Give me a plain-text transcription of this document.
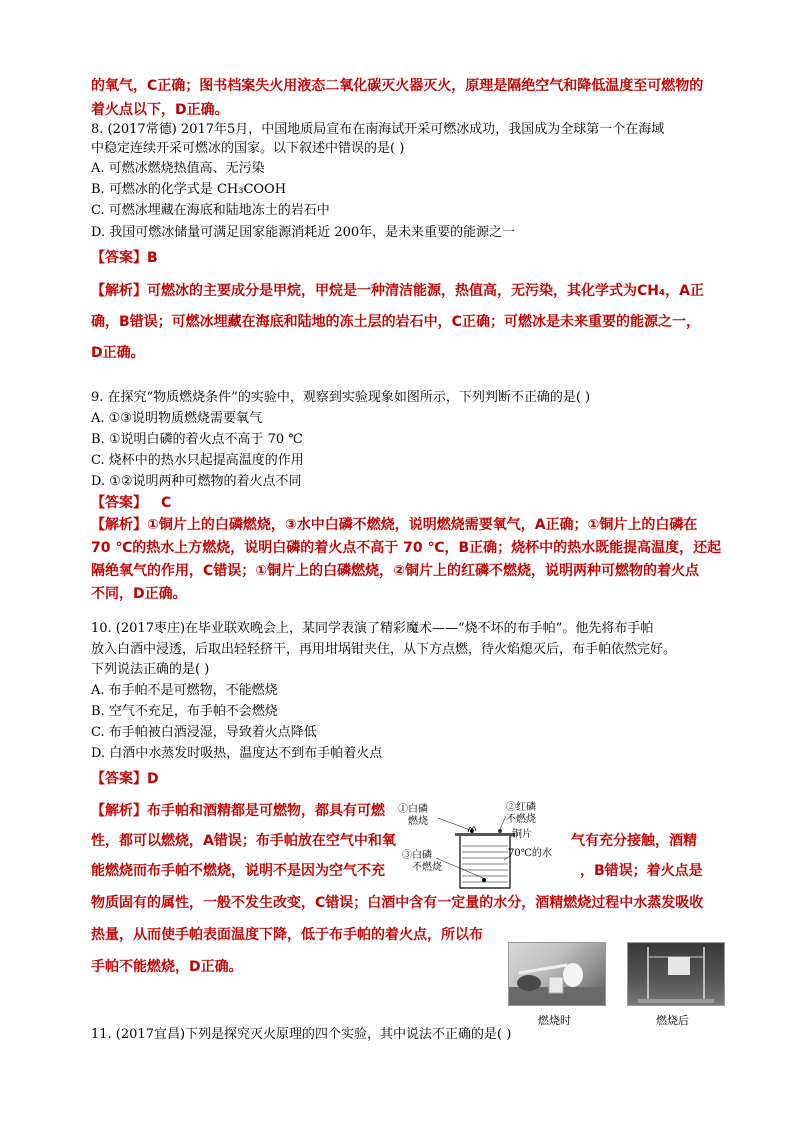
的氧气，C正确；图书档案失火用液态二氧化碳灭火器灭火，原理是隔绝空气和降低温度至可燃物的
着火点以下，D正确。
8. (2017常德) 2017年5月，中国地质局宣布在南海试开采可燃冰成功，我国成为全球第一个在海域
中稳定连续开采可燃冰的国家。以下叙述中错误的是( )
A. 可燃冰燃烧热值高、无污染
B. 可燃冰的化学式是 CH₃COOH
C. 可燃冰埋藏在海底和陆地冻土的岩石中
D. 我国可燃冰储量可满足国家能源消耗近 200年，是未来重要的能源之一
【答案】B
【解析】可燃冰的主要成分是甲烷，甲烷是一种清洁能源，热值高，无污染，其化学式为CH₄，A正
确，B错误；可燃冰埋藏在海底和陆地的冻土层的岩石中，C正确；可燃冰是未来重要的能源之一，
D正确。
9. 在探究“物质燃烧条件”的实验中，观察到实验现象如图所示，下列判断不正确的是( )
A. ①③说明物质燃烧需要氧气
B. ①说明白磷的着火点不高于 70 ℃
C. 烧杯中的热水只起提高温度的作用
D. ①②说明两种可燃物的着火点不同
【答案】 C
【解析】①铜片上的白磷燃烧，③水中白磷不燃烧，说明燃烧需要氧气，A正确；①铜片上的白磷在
70 ℃的热水上方燃烧，说明白磷的着火点不高于 70 ℃，B正确；烧杯中的热水既能提高温度，还起
隔绝氧气的作用，C错误；①铜片上的白磷燃烧，②铜片上的红磷不燃烧，说明两种可燃物的着火点
不同，D正确。
10. (2017枣庄)在毕业联欢晚会上，某同学表演了精彩魔术——“烧不坏的布手帕”。他先将布手帕
放入白酒中浸透，后取出轻轻挤干，再用坩埚钳夹住，从下方点燃，待火焰熄灭后，布手帕依然完好。
下列说法正确的是( )
A. 布手帕不是可燃物，不能燃烧
B. 空气不充足，布手帕不会燃烧
C. 布手帕被白酒浸湿，导致着火点降低
D. 白酒中水蒸发时吸热，温度达不到布手帕着火点
【答案】D
【解析】布手帕和酒精都是可燃物，都具有可燃
性，都可以燃烧，A错误；布手帕放在空气中和氧	气有充分接触，酒精
能燃烧而布手帕不燃烧，说明不是因为空气不充	，B错误；着火点是
物质固有的属性，一般不发生改变，C错误；白酒中含有一定量的水分，酒精燃烧过程中水蒸发吸收
热量，从而使手帕表面温度下降，低于布手帕的着火点，所以布
手帕不能燃烧，D正确。
①白磷
燃烧
②红磷
不燃烧
铜片
③白磷
不燃烧
70℃的水
燃烧时	燃烧后
11. (2017宜昌)下列是探究灭火原理的四个实验，其中说法不正确的是( )
